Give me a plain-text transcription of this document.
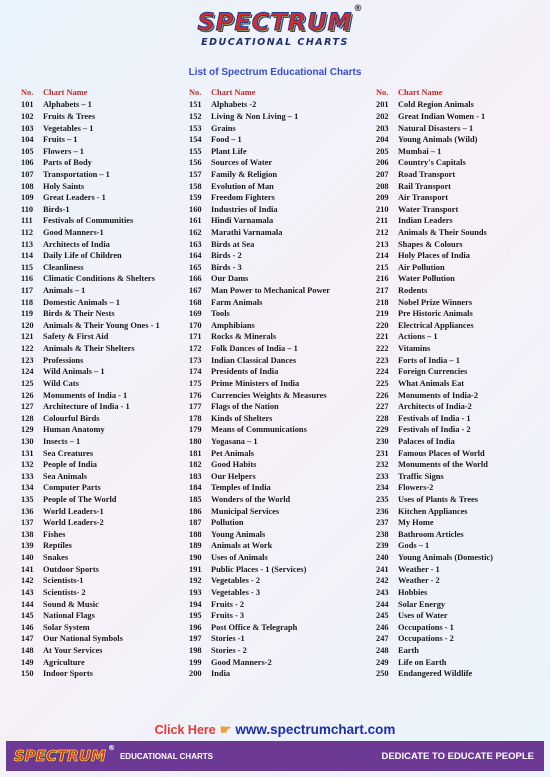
SPECTRUM ®
EDUCATIONAL CHARTS
List of Spectrum Educational Charts
No.	Chart Name
101	Alphabets – 1
102	Fruits & Trees
103	Vegetables – 1
104	Fruits – 1
105	Flowers – 1
106	Parts of Body
107	Transportation – 1
108	Holy Saints
109	Great Leaders - 1
110	Birds-1
111	Festivals of Communities
112	Good Manners-1
113	Architects of India
114	Daily Life of Children
115	Cleanliness
116	Climatic Conditions & Shelters
117	Animals – 1
118	Domestic Animals – 1
119	Birds & Their Nests
120	Animals & Their Young Ones - 1
121	Safety & First Aid
122	Animals & Their Shelters
123	Professions
124	Wild Animals – 1
125	Wild Cats
126	Monuments of India - 1
127	Architecture of India - 1
128	Colourful Birds
129	Human Anatomy
130	Insects – 1
131	Sea Creatures
132	People of India
133	Sea Animals
134	Computer Parts
135	People of The World
136	World Leaders-1
137	World Leaders-2
138	Fishes
139	Reptiles
140	Snakes
141	Outdoor Sports
142	Scientists-1
143	Scientists- 2
144	Sound & Music
145	National Flags
146	Solar System
147	Our National Symbols
148	At Your Services
149	Agriculture
150	Indoor Sports
No.	Chart Name
151	Alphabets -2
152	Living & Non Living – 1
153	Grains
154	Food – 1
155	Plant Life
156	Sources of Water
157	Family & Religion
158	Evolution of Man
159	Freedom Fighters
160	Industries of India
161	Hindi Varnamala
162	Marathi Varnamala
163	Birds at Sea
164	Birds - 2
165	Birds - 3
166	Our Dams
167	Man Power to Mechanical Power
168	Farm Animals
169	Tools
170	Amphibians
171	Rocks & Minerals
172	Folk Dances of India – 1
173	Indian Classical Dances
174	Presidents of India
175	Prime Ministers of India
176	Currencies Weights & Measures
177	Flags of the Nation
178	Kinds of Shelters
179	Means of Communications
180	Yogasana – 1
181	Pet Animals
182	Good Habits
183	Our Helpers
184	Temples of India
185	Wonders of the World
186	Municipal Services
187	Pollution
188	Young Animals
189	Animals at Work
190	Uses of Animals
191	Public Places - 1 (Services)
192	Vegetables - 2
193	Vegetables - 3
194	Fruits - 2
195	Fruits - 3
196	Post Office & Telegraph
197	Stories -1
198	Stories - 2
199	Good Manners-2
200	India
No.	Chart Name
201	Cold Region Animals
202	Great Indian Women - 1
203	Natural Disasters – 1
204	Young Animals (Wild)
205	Mumbai – 1
206	Country's Capitals
207	Road Transport
208	Rail Transport
209	Air Transport
210	Water Transport
211	Indian Leaders
212	Animals & Their Sounds
213	Shapes & Colours
214	Holy Places of India
215	Air Pollution
216	Water Pollution
217	Rodents
218	Nobel Prize Winners
219	Pre Historic Animals
220	Electrical Appliances
221	Actions – 1
222	Vitamins
223	Forts of India – 1
224	Foreign Currencies
225	What Animals Eat
226	Monuments of India-2
227	Architects of India-2
228	Festivals of India - 1
229	Festivals of India - 2
230	Palaces of India
231	Famous Places of World
232	Monuments of the World
233	Traffic Signs
234	Flowers-2
235	Uses of Plants & Trees
236	Kitchen Appliances
237	My Home
238	Bathroom Articles
239	Gods – 1
240	Young Animals (Domestic)
241	Weather - 1
242	Weather - 2
243	Hobbies
244	Solar Energy
245	Uses of Water
246	Occupations - 1
247	Occupations - 2
248	Earth
249	Life on Earth
250	Endangered Wildlife
Click Here ☛ www.spectrumchart.com
SPECTRUM ®
EDUCATIONAL CHARTS	DEDICATE TO EDUCATE PEOPLE
